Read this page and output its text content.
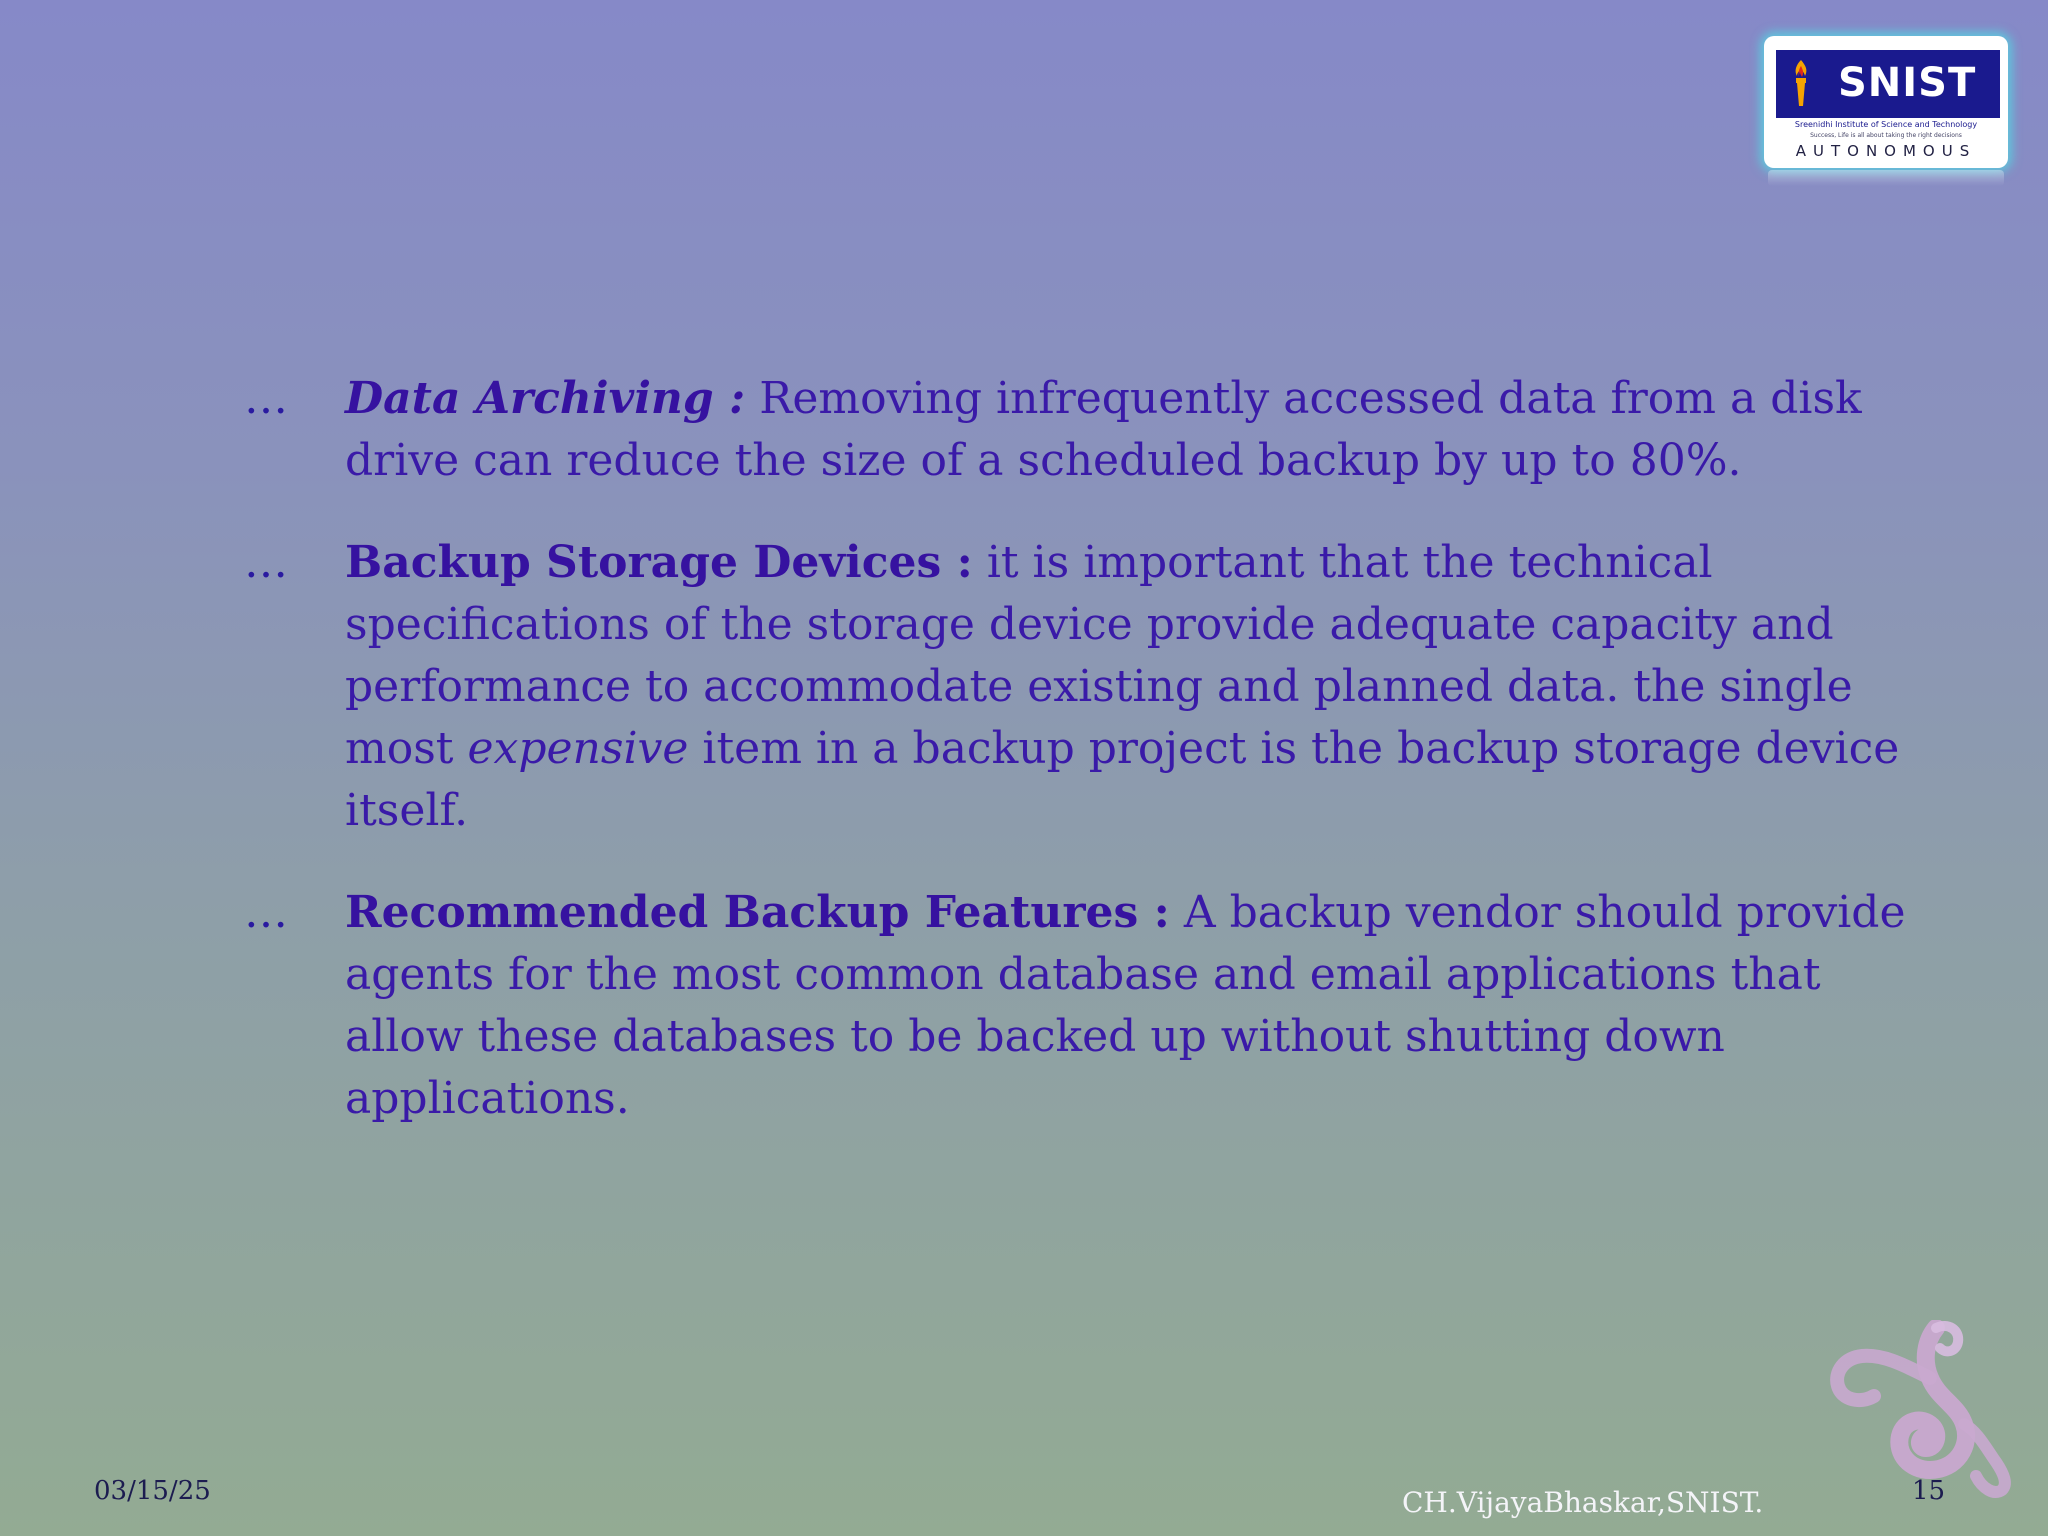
SNIST
Sreenidhi Institute of Science and Technology
Success, Life is all about taking the right decisions
AUTONOMOUS
… Data Archiving : Removing infrequently accessed data from a disk drive can reduce the size of a scheduled backup by up to 80%.
… Backup Storage Devices : it is important that the technical specifications of the storage device provide adequate capacity and performance to accommodate existing and planned data. the single most expensive item in a backup project is the backup storage device itself.
… Recommended Backup Features : A backup vendor should provide agents for the most common database and email applications that allow these databases to be backed up without shutting down applications.
03/15/25	CH.VijayaBhaskar,SNIST.	15
